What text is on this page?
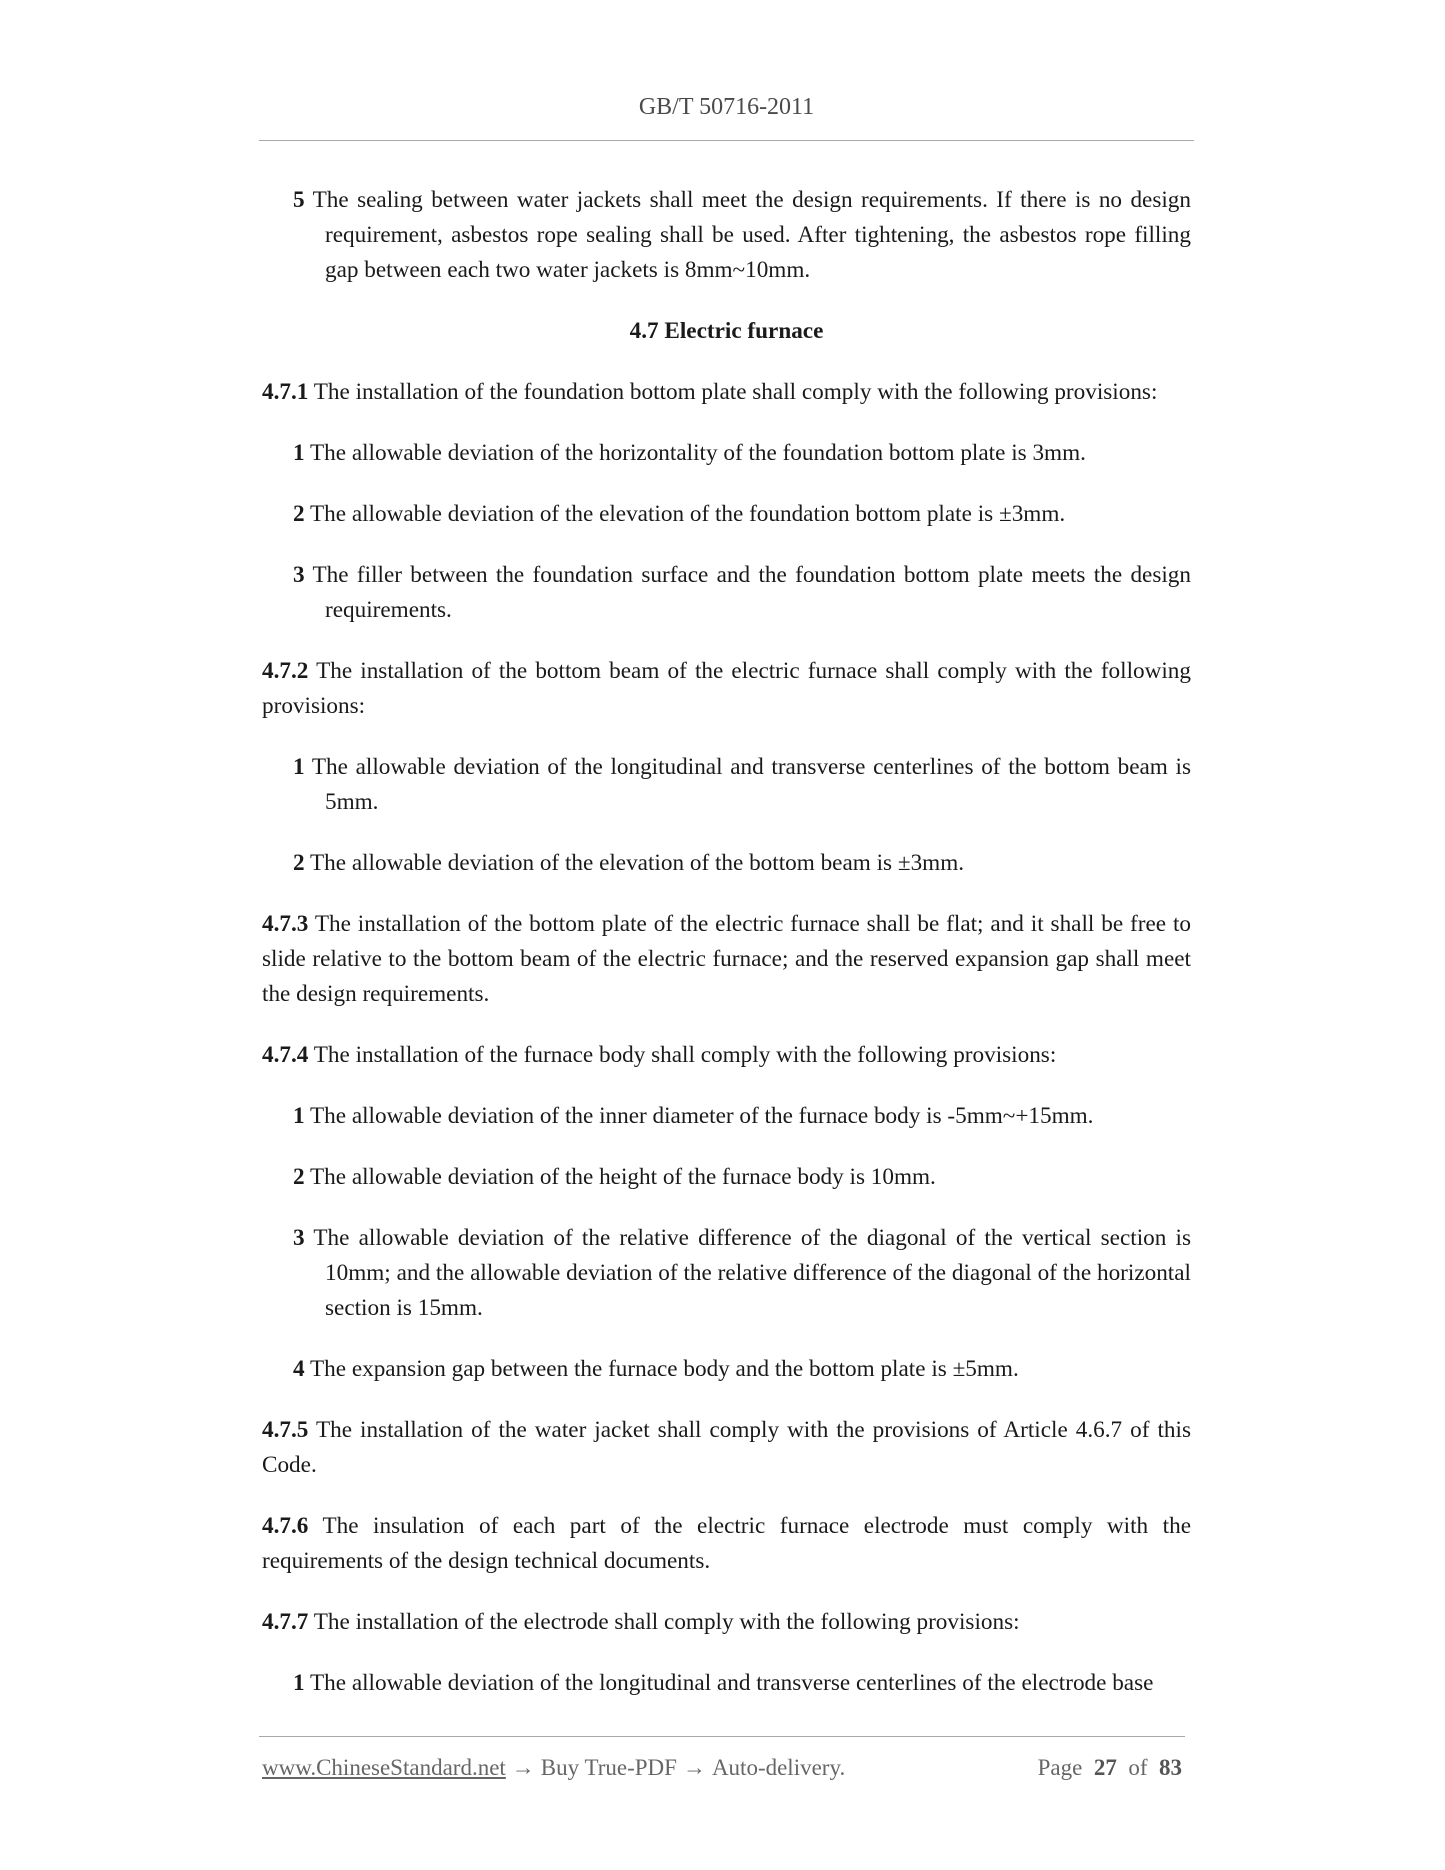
GB/T 50716-2011

5 The sealing between water jackets shall meet the design requirements. If there is no design requirement, asbestos rope sealing shall be used. After tightening, the asbestos rope filling gap between each two water jackets is 8mm~10mm.

4.7 Electric furnace

4.7.1 The installation of the foundation bottom plate shall comply with the following provisions:

1 The allowable deviation of the horizontality of the foundation bottom plate is 3mm.

2 The allowable deviation of the elevation of the foundation bottom plate is ±3mm.

3 The filler between the foundation surface and the foundation bottom plate meets the design requirements.

4.7.2 The installation of the bottom beam of the electric furnace shall comply with the following provisions:

1 The allowable deviation of the longitudinal and transverse centerlines of the bottom beam is 5mm.

2 The allowable deviation of the elevation of the bottom beam is ±3mm.

4.7.3 The installation of the bottom plate of the electric furnace shall be flat; and it shall be free to slide relative to the bottom beam of the electric furnace; and the reserved expansion gap shall meet the design requirements.

4.7.4 The installation of the furnace body shall comply with the following provisions:

1 The allowable deviation of the inner diameter of the furnace body is -5mm~+15mm.

2 The allowable deviation of the height of the furnace body is 10mm.

3 The allowable deviation of the relative difference of the diagonal of the vertical section is 10mm; and the allowable deviation of the relative difference of the diagonal of the horizontal section is 15mm.

4 The expansion gap between the furnace body and the bottom plate is ±5mm.

4.7.5 The installation of the water jacket shall comply with the provisions of Article 4.6.7 of this Code.

4.7.6 The insulation of each part of the electric furnace electrode must comply with the requirements of the design technical documents.

4.7.7 The installation of the electrode shall comply with the following provisions:

1 The allowable deviation of the longitudinal and transverse centerlines of the electrode base

www.ChineseStandard.net → Buy True-PDF → Auto-delivery.	Page 27 of 83
